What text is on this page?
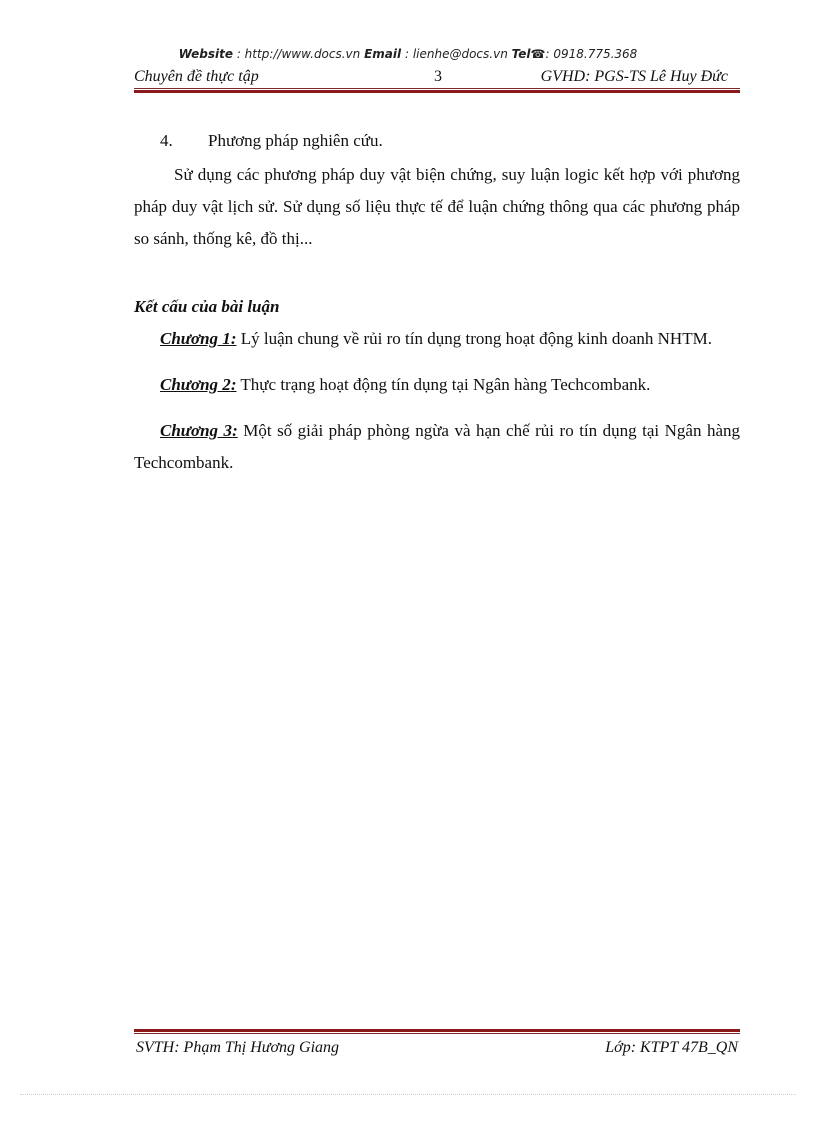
Website : http://www.docs.vn Email : lienhe@docs.vn Tel☎: 0918.775.368
Chuyên đề thực tập	3	GVHD: PGS-TS Lê Huy Đức
4. Phương pháp nghiên cứu.

Sử dụng các phương pháp duy vật biện chứng, suy luận logic kết hợp với phương pháp duy vật lịch sử. Sử dụng số liệu thực tế để luận chứng thông qua các phương pháp so sánh, thống kê, đồ thị...

Kết cấu của bài luận

Chương 1: Lý luận chung về rủi ro tín dụng trong hoạt động kinh doanh NHTM.

Chương 2: Thực trạng hoạt động tín dụng tại Ngân hàng Techcombank.

Chương 3: Một số giải pháp phòng ngừa và hạn chế rủi ro tín dụng tại Ngân hàng Techcombank.

SVTH: Phạm Thị Hương Giang	Lớp: KTPT 47B_QN
